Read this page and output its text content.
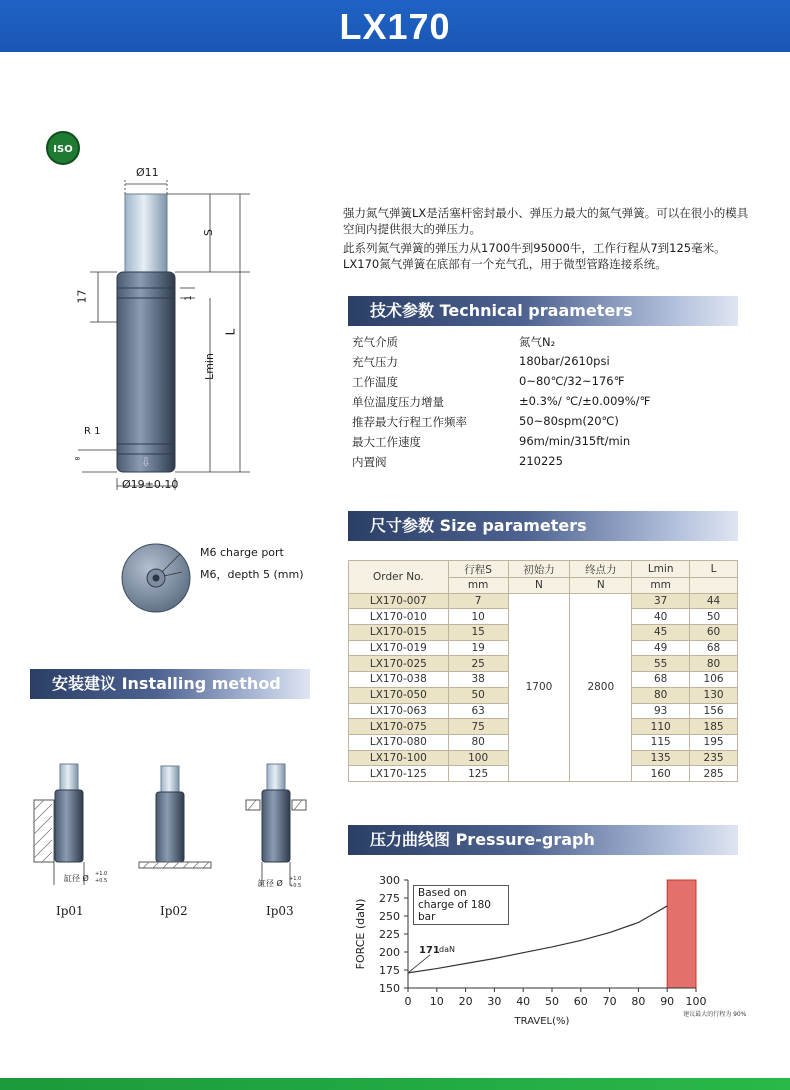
LX170
ISO
⇩
Ø11
S
17	1
L
Lmin
R 1
8
Ø19±0.10
M6 charge port
M6，depth 5 (mm)

强力氮气弹簧LX是活塞杆密封最小、弹压力最大的氮气弹簧。可以在很小的模具空间内提供很大的弹压力。

此系列氮气弹簧的弹压力从1700牛到95000牛，工作行程从7到125毫米。LX170氮气弹簧在底部有一个充气孔，用于微型管路连接系统。

技术参数 Technical praameters
充气介质	氮气N₂
充气压力	180bar/2610psi
工作温度	0~80℃/32~176℉
单位温度压力增量	±0.3%/ ℃/±0.009%/℉
推荐最大行程工作频率	50~80spm(20℃)
最大工作速度	96m/min/315ft/min
内置阀	210225
尺寸参数 Size parameters
Order No.	行程S	初始力	终点力	Lmin	L
	mm	N	N	mm	
LX170-007	7	1700	2800	37	44
LX170-010	10			40	50
LX170-015	15			45	60
LX170-019	19			49	68
LX170-025	25			55	80
LX170-038	38			68	106
LX170-050	50			80	130
LX170-063	63			93	156
LX170-075	75			110	185
LX170-080	80			115	195
LX170-100	100			135	235
LX170-125	125			160	285
安装建议 Installing method
缸径 Ø +1.0
+0.5
Ip01	Ip02
缸径 Ø +1.0
+0.5
Ip03
压力曲线图 Pressure-graph
150
175
200
225
250
275
300
0 10 20 30 40 50 60 70 80 90 100
171 daN
FORCE (daN)
TRAVEL(%)
建议最大的行程为 90%
Based on charge of 180 bar
